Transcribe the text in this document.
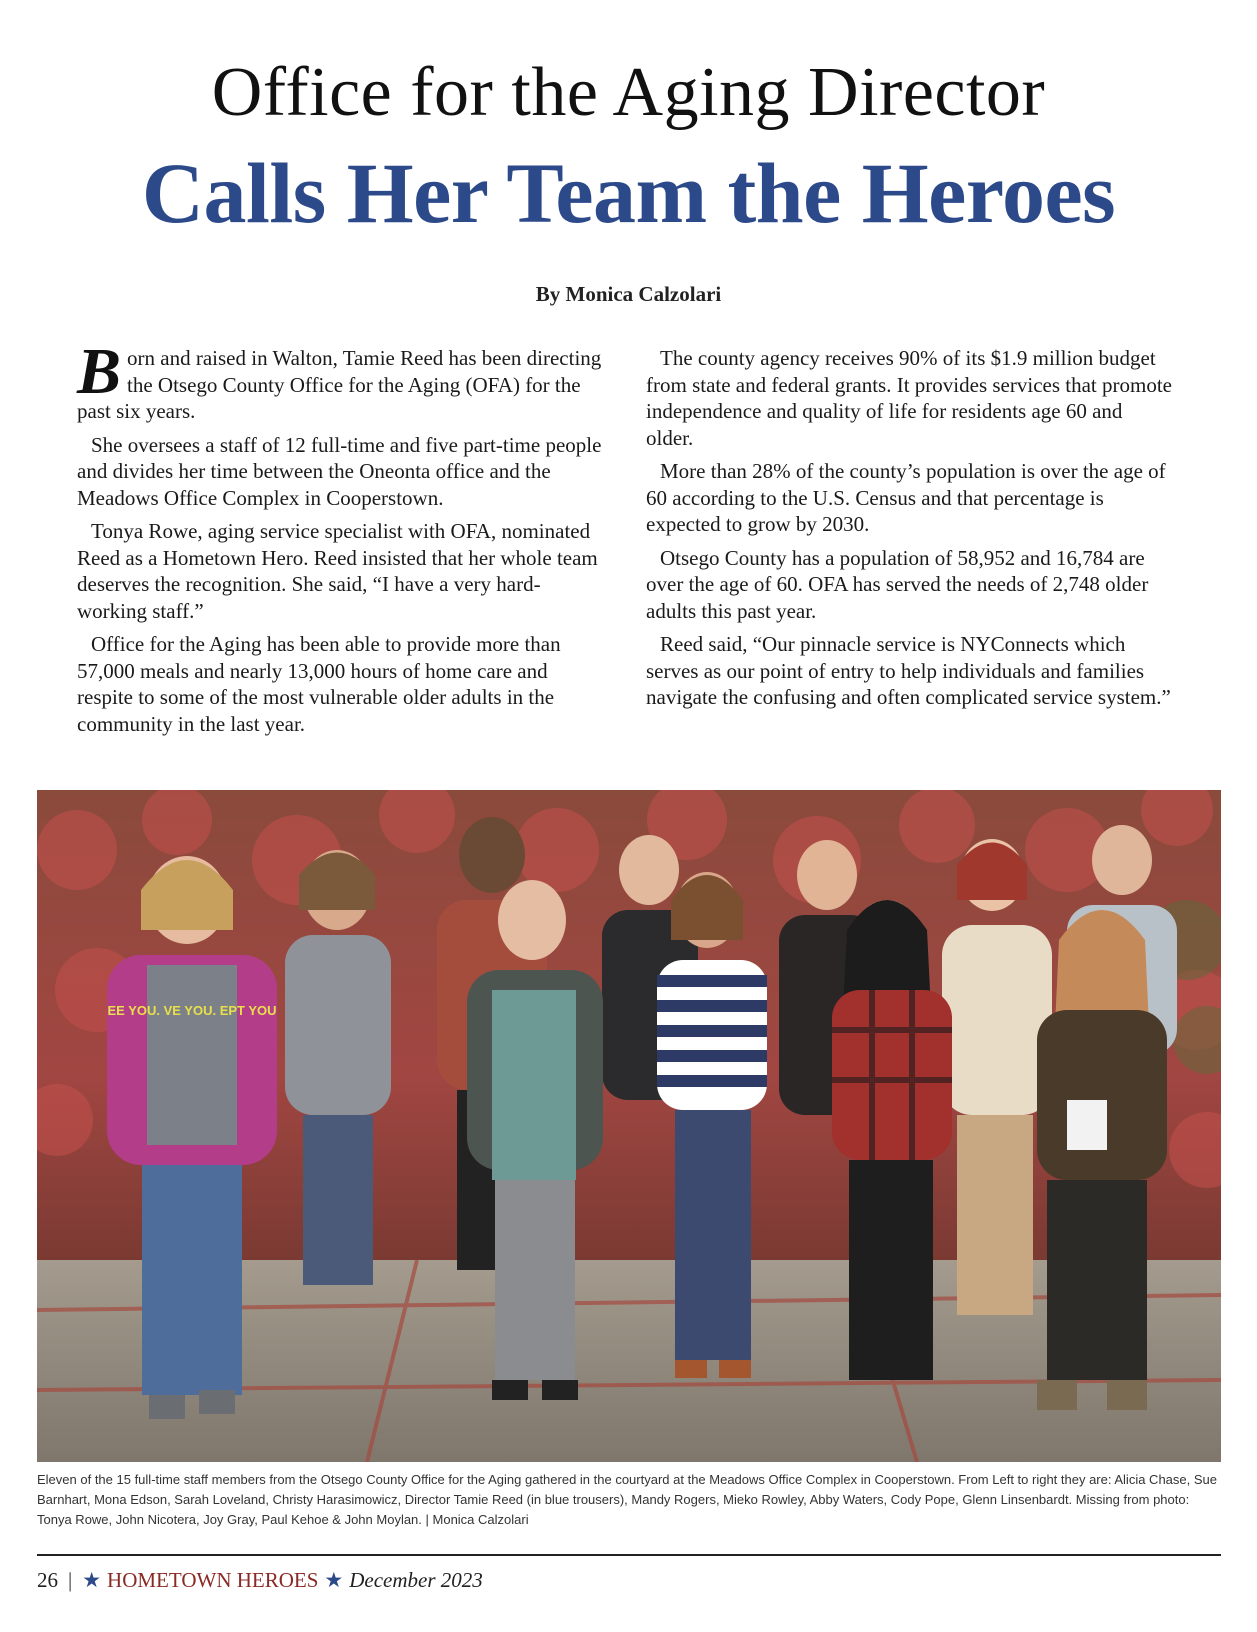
Office for the Aging Director
Calls Her Team the Heroes
By Monica Calzolari

Born and raised in Walton, Tamie Reed has been directing the Otsego County Office for the Aging (OFA) for the past six years.

She oversees a staff of 12 full-time and five part-time people and divides her time between the Oneonta office and the Meadows Office Complex in Cooperstown.

Tonya Rowe, aging service specialist with OFA, nominated Reed as a Hometown Hero. Reed insisted that her whole team deserves the recognition. She said, “I have a very hard-working staff.”

Office for the Aging has been able to provide more than 57,000 meals and nearly 13,000 hours of home care and respite to some of the most vulnerable older adults in the community in the last year.

The county agency receives 90% of its $1.9 million budget from state and federal grants. It provides services that promote independence and quality of life for residents age 60 and older.

More than 28% of the county’s population is over the age of 60 according to the U.S. Census and that percentage is expected to grow by 2030.

Otsego County has a population of 58,952 and 16,784 are over the age of 60. OFA has served the needs of 2,748 older adults this past year.

Reed said, “Our pinnacle service is NYConnects which serves as our point of entry to help individuals and families navigate the confusing and often complicated service system.”

EE YOU. VE YOU. EPT YOU
Eleven of the 15 full-time staff members from the Otsego County Office for the Aging gathered in the courtyard at the Meadows Office Complex in Cooperstown. From Left to right they are: Alicia Chase, Sue Barnhart, Mona Edson, Sarah Loveland, Christy Harasimowicz, Director Tamie Reed (in blue trousers), Mandy Rogers, Mieko Rowley, Abby Waters, Cody Pope, Glenn Linsenbardt. Missing from photo: Tonya Rowe, John Nicotera, Joy Gray, Paul Kehoe & John Moylan. | Monica Calzolari
26 | ★ HOMETOWN HEROES ★ December 2023
